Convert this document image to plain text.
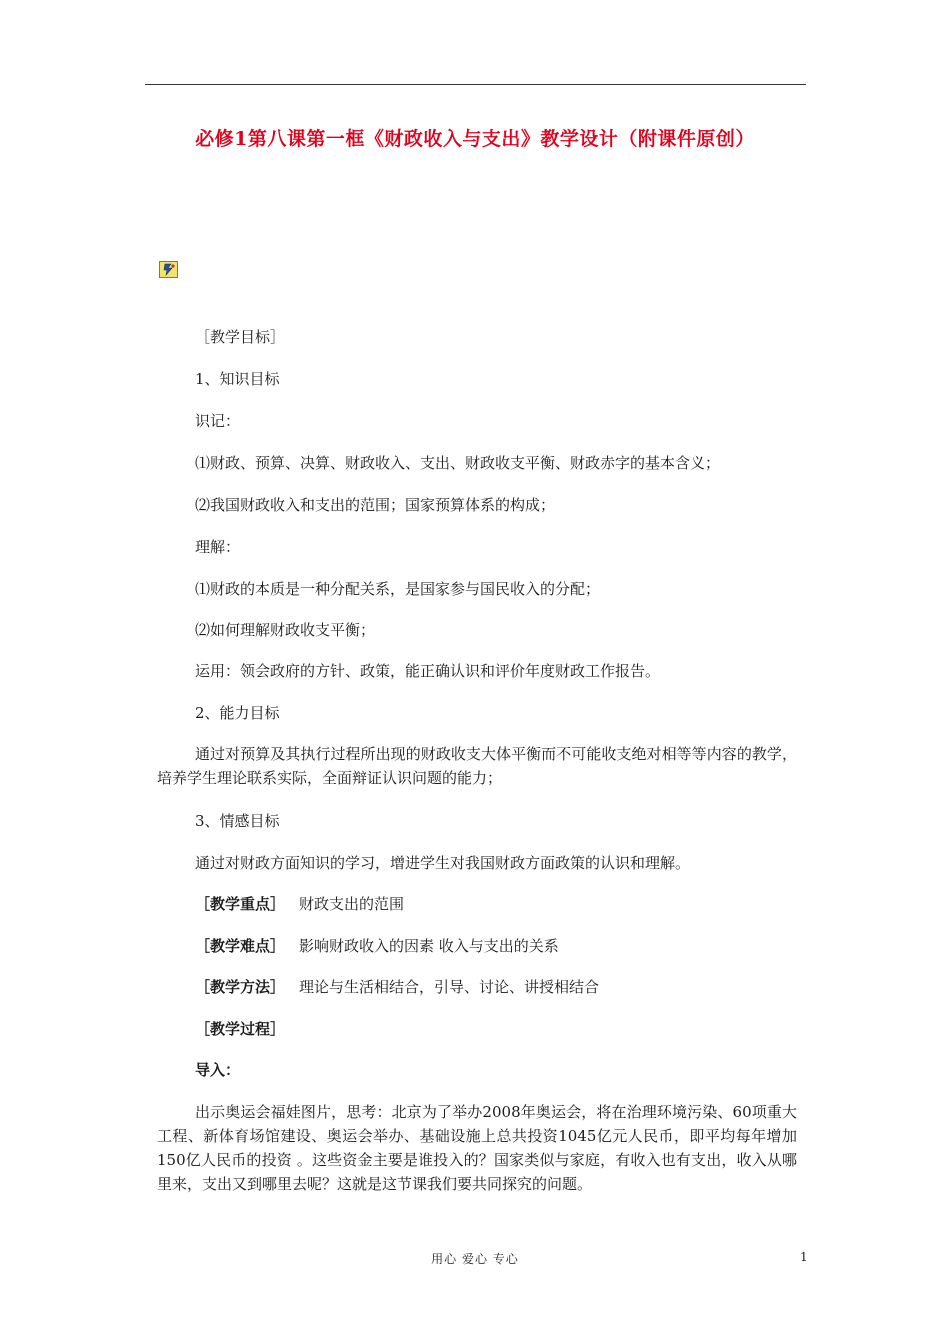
必修1第八课第一框《财政收入与支出》教学设计（附课件原创）
［教学目标］
1、知识目标
识记：
⑴财政、预算、决算、财政收入、支出、财政收支平衡、财政赤字的基本含义；
⑵我国财政收入和支出的范围；国家预算体系的构成；
理解：
⑴财政的本质是一种分配关系，是国家参与国民收入的分配；
⑵如何理解财政收支平衡；
运用：领会政府的方针、政策，能正确认识和评价年度财政工作报告。
2、能力目标
通过对预算及其执行过程所出现的财政收支大体平衡而不可能收支绝对相等等内容的教学，培养学生理论联系实际，全面辩证认识问题的能力；
3、情感目标
通过对财政方面知识的学习，增进学生对我国财政方面政策的认识和理解。
［教学重点］ 财政支出的范围
［教学难点］ 影响财政收入的因素 收入与支出的关系
［教学方法］ 理论与生活相结合，引导、讨论、讲授相结合
［教学过程］
导入：
出示奥运会福娃图片，思考：北京为了举办2008年奥运会，将在治理环境污染、60项重大工程、新体育场馆建设、奥运会举办、基础设施上总共投资1045亿元人民币，即平均每年增加150亿人民币的投资 。这些资金主要是谁投入的？国家类似与家庭，有收入也有支出，收入从哪里来，支出又到哪里去呢？这就是这节课我们要共同探究的问题。
用心 爱心 专心	1
